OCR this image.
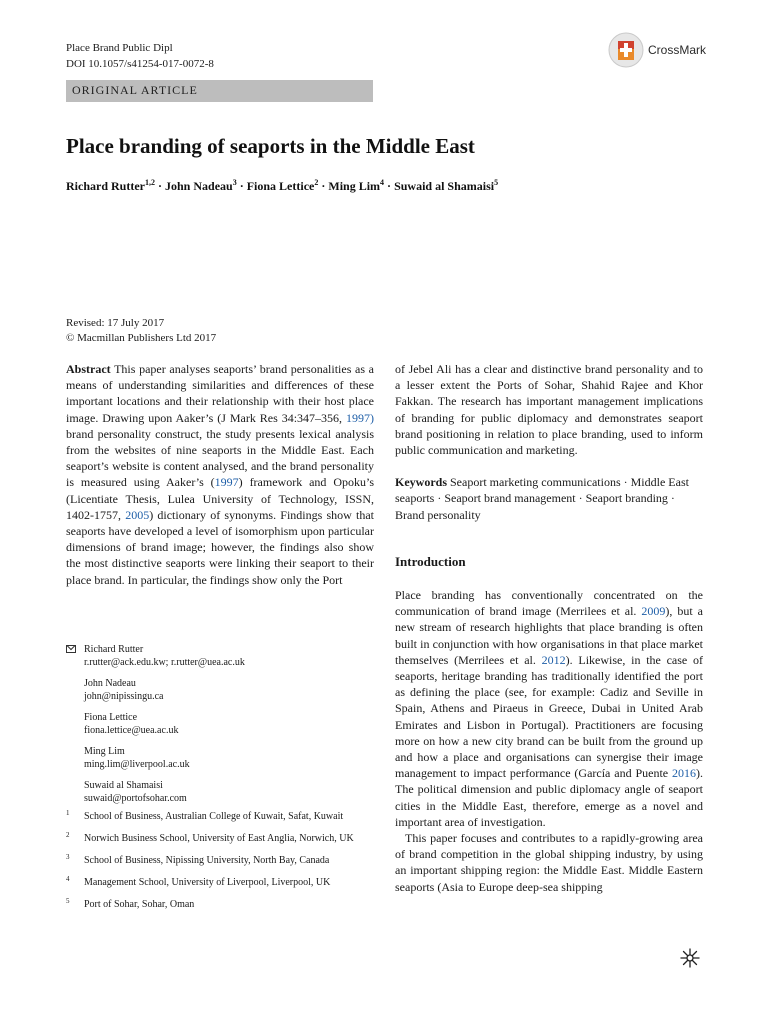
Place Brand Public Dipl
DOI 10.1057/s41254-017-0072-8
CrossMark
ORIGINAL ARTICLE
Place branding of seaports in the Middle East
Richard Rutter$^{1,2}$ · John Nadeau$^3$ · Fiona Lettice$^2$ · Ming Lim$^4$ · Suwaid al Shamaisi$^5$
Revised: 17 July 2017
© Macmillan Publishers Ltd 2017

Abstract This paper analyses seaports’ brand personalities as a means of understanding similarities and differences of these important locations and their relationship with their host place image. Drawing upon Aaker’s (J Mark Res 34:347–356, 1997) brand personality construct, the study presents lexical analysis from the websites of nine seaports in the Middle East. Each seaport’s website is content analysed, and the brand personality is measured using Aaker’s (1997) framework and Opoku’s (Licentiate Thesis, Lulea University of Technology, ISSN, 1402-1757, 2005) dictionary of synonyms. Findings show that seaports have developed a level of isomorphism upon particular dimensions of brand image; however, the findings also show the most distinctive seaports were linking their seaport to their place brand. In particular, the findings show only the Port

of Jebel Ali has a clear and distinctive brand personality and to a lesser extent the Ports of Sohar, Shahid Rajee and Khor Fakkan. The research has important management implications of branding for public diplomacy and demonstrates seaport brand positioning in relation to place branding, used to inform public communication and marketing.

Keywords Seaport marketing communications · Middle East seaports · Seaport brand management · Seaport branding · Brand personality

Introduction

Place branding has conventionally concentrated on the communication of brand image (Merrilees et al. 2009), but a new stream of research highlights that place branding is often built in conjunction with how organisations in that place market themselves (Merrilees et al. 2012). Likewise, in the case of seaports, heritage branding has traditionally identified the port as defining the place (see, for example: Cadiz and Seville in Spain, Athens and Piraeus in Greece, Dubai in United Arab Emirates and Lisbon in Portugal). Practitioners are focusing more on how a new city brand can be built from the ground up and how a place and organisations can synergise their image management to impact performance (García and Puente 2016). The political dimension and public diplomacy angle of seaport cities in the Middle East, therefore, emerge as a novel and important area of investigation.

This paper focuses and contributes to a rapidly-growing area of brand competition in the global shipping industry, by using an important shipping region: the Middle East. Middle Eastern seaports (Asia to Europe deep-sea shipping

Richard Rutter
r.rutter@ack.edu.kw; r.rutter@uea.ac.uk
John Nadeau
john@nipissingu.ca
Fiona Lettice
fiona.lettice@uea.ac.uk
Ming Lim
ming.lim@liverpool.ac.uk
Suwaid al Shamaisi
suwaid@portofsohar.com
1 School of Business, Australian College of Kuwait, Safat, Kuwait
2 Norwich Business School, University of East Anglia, Norwich, UK
3 School of Business, Nipissing University, North Bay, Canada
4 Management School, University of Liverpool, Liverpool, UK
5 Port of Sohar, Sohar, Oman
